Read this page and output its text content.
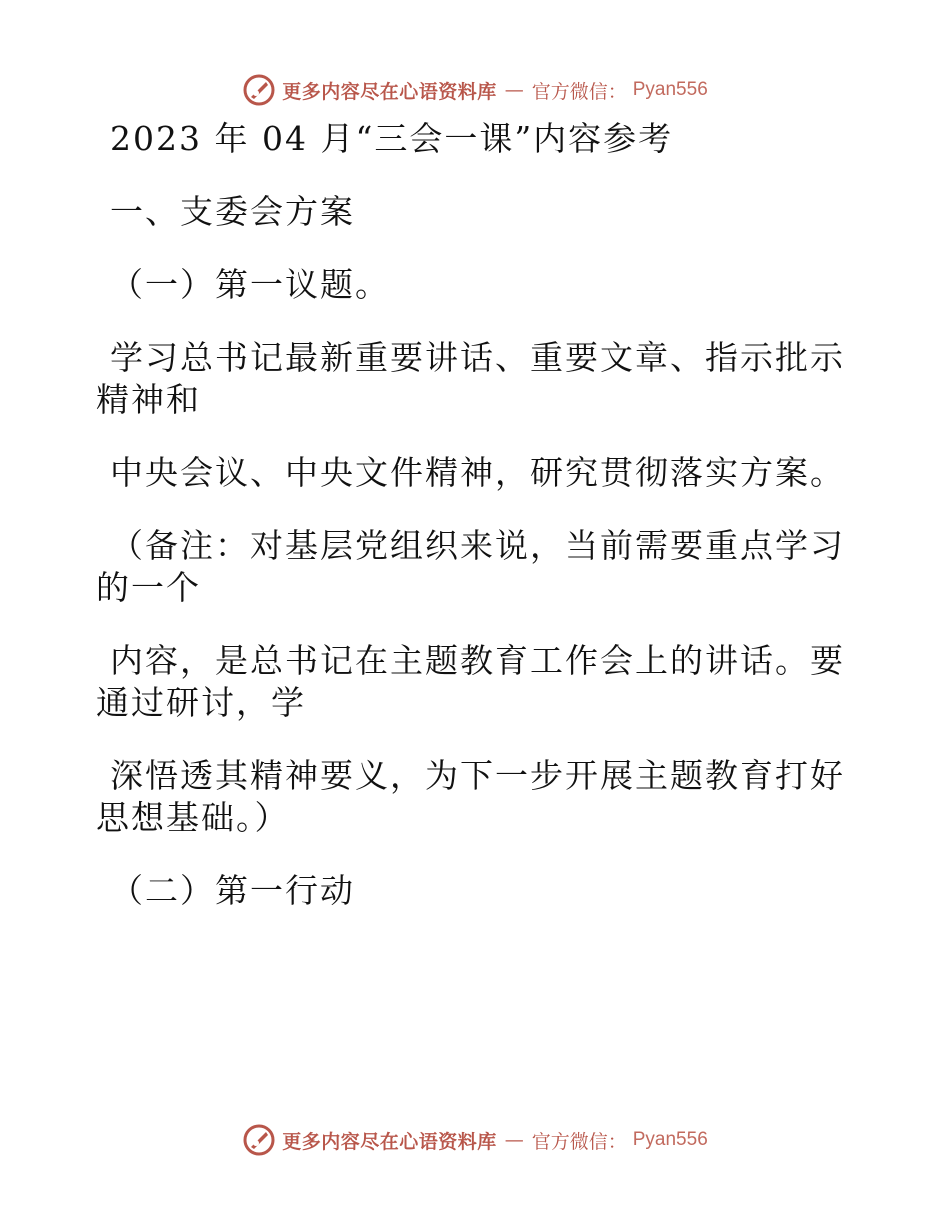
更多内容尽在心语资料库 — 官方微信： Pyan556
2023 年 04 月“三会一课”内容参考
一、支委会方案
（一）第一议题。
学习总书记最新重要讲话、重要文章、指示批示
精神和
中央会议、中央文件精神，研究贯彻落实方案。
（备注：对基层党组织来说，当前需要重点学习
的一个
内容，是总书记在主题教育工作会上的讲话。要
通过研讨，学
深悟透其精神要义，为下一步开展主题教育打好
思想基础。）
（二）第一行动
更多内容尽在心语资料库 — 官方微信： Pyan556
